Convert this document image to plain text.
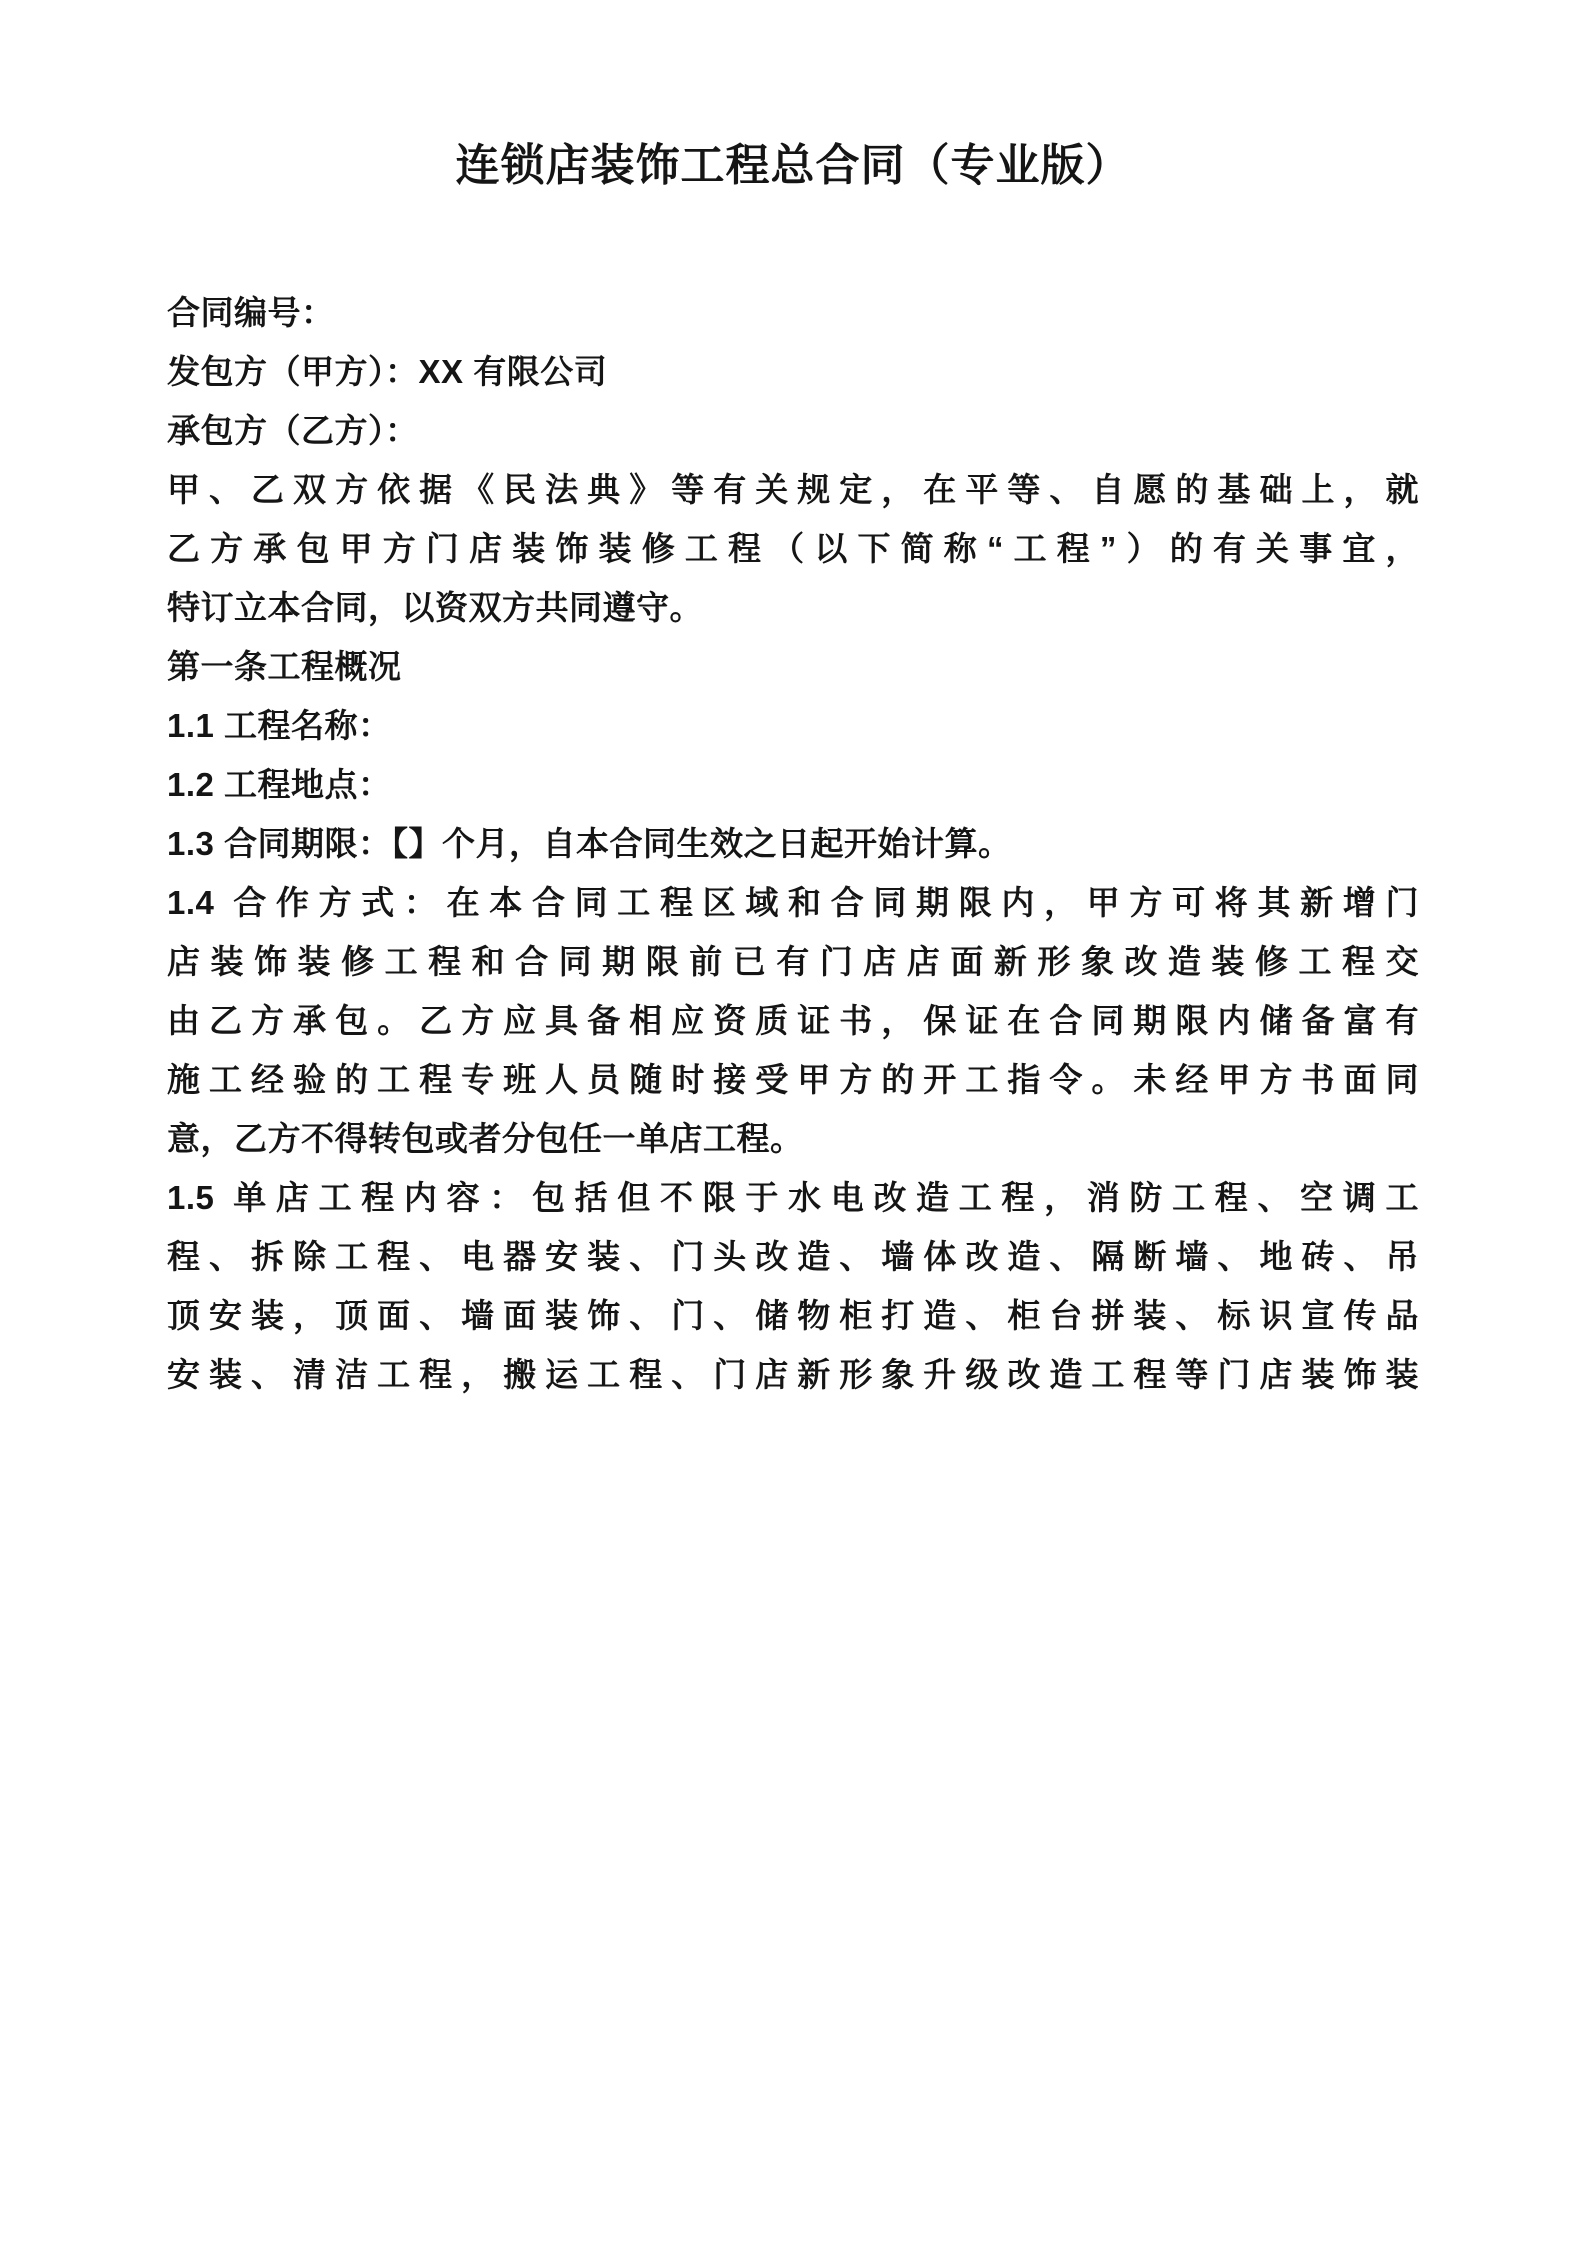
连锁店装饰工程总合同（专业版）

合同编号：

发包方（甲方）：XX 有限公司

承包方（乙方）：

甲、乙双方依据《民法典》等有关规定，在平等、自愿的基础上，就

乙方承包甲方门店装饰装修工程（以下简称“工程”）的有关事宜，

特订立本合同，以资双方共同遵守。

第一条工程概况

1.1 工程名称：

1.2 工程地点：

1.3 合同期限：【】个月，自本合同生效之日起开始计算。

1.4 合作方式：在本合同工程区域和合同期限内，甲方可将其新增门

店装饰装修工程和合同期限前已有门店店面新形象改造装修工程交

由乙方承包。乙方应具备相应资质证书，保证在合同期限内储备富有

施工经验的工程专班人员随时接受甲方的开工指令。未经甲方书面同

意，乙方不得转包或者分包任一单店工程。

1.5 单店工程内容：包括但不限于水电改造工程，消防工程、空调工

程、拆除工程、电器安装、门头改造、墙体改造、隔断墙、地砖、吊

顶安装，顶面、墙面装饰、门、储物柜打造、柜台拼装、标识宣传品

安装、清洁工程，搬运工程、门店新形象升级改造工程等门店装饰装
